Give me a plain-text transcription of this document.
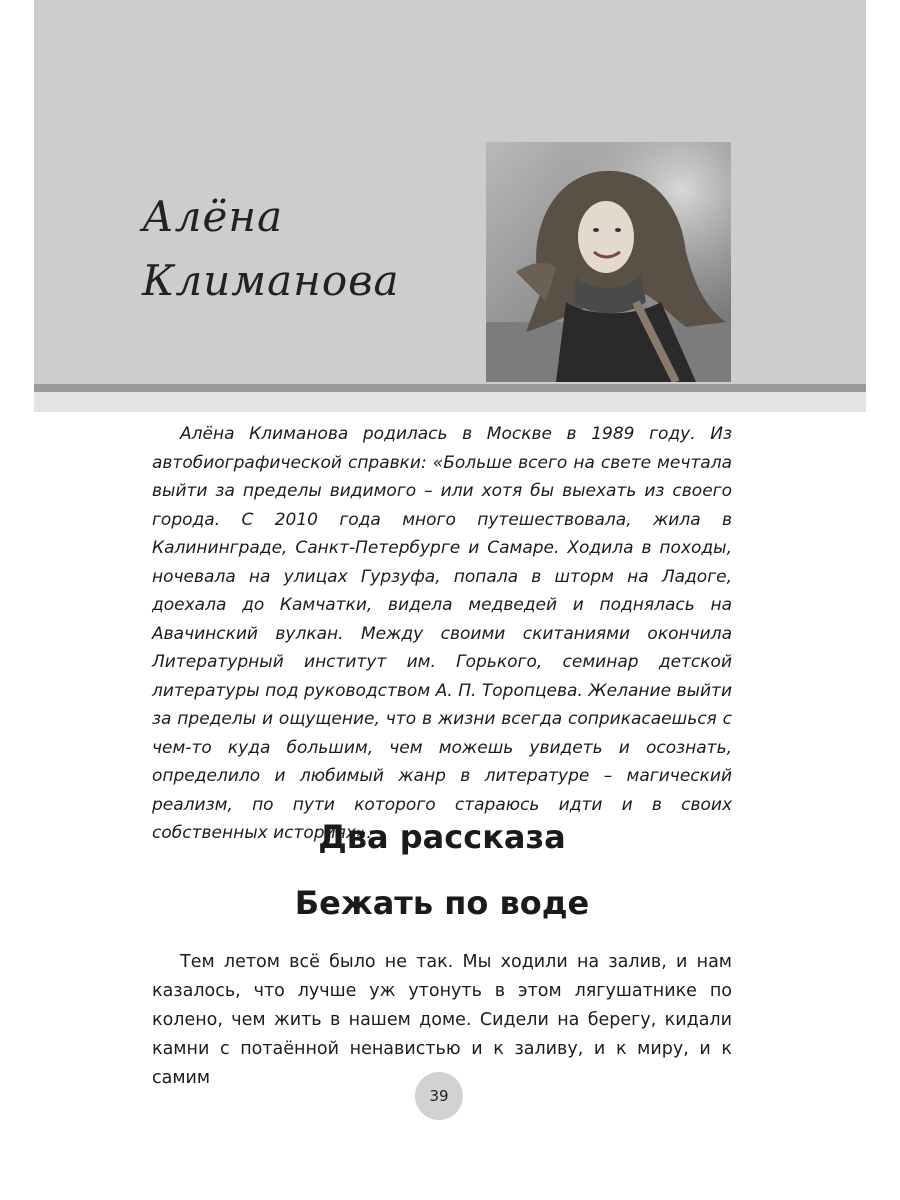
Алёна
Климанова

Алёна Климанова родилась в Москве в 1989 году. Из автобиографической справки: «Больше всего на свете мечтала выйти за пределы видимого – или хотя бы выехать из своего города. С 2010 года много путешествовала, жила в Калининграде, Санкт-Петербурге и Самаре. Ходила в походы, ночевала на улицах Гурзуфа, попала в шторм на Ладоге, доехала до Камчатки, видела медведей и поднялась на Авачинский вулкан. Между своими скитаниями окончила Литературный институт им. Горького, семинар детской литературы под руководством А. П. Торопцева. Желание выйти за пределы и ощущение, что в жизни всегда соприкасаешься с чем-то куда большим, чем можешь увидеть и осознать, определило и любимый жанр в литературе – магический реализм, по пути которого стараюсь идти и в своих собственных историях».

Два рассказа
Бежать по воде

Тем летом всё было не так. Мы ходили на залив, и нам казалось, что лучше уж утонуть в этом лягушатнике по колено, чем жить в нашем доме. Сидели на берегу, кидали камни с потаённой ненавистью и к заливу, и к миру, и к самим

39
